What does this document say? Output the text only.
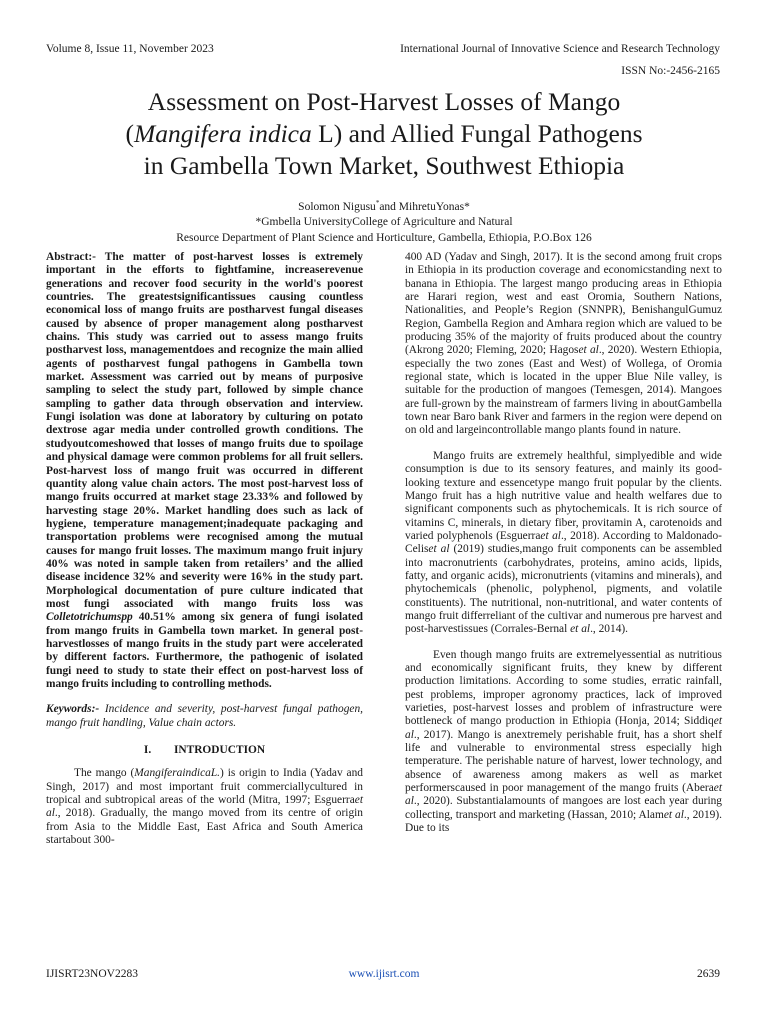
Volume 8, Issue 11, November 2023	International Journal of Innovative Science and Research Technology
ISSN No:-2456-2165
Assessment on Post-Harvest Losses of Mango
(Mangifera indica L) and Allied Fungal Pathogens
in Gambella Town Market, Southwest Ethiopia
Solomon Nigusu*and MihretuYonas*
*Gmbella UniversityCollege of Agriculture and Natural
Resource Department of Plant Science and Horticulture, Gambella, Ethiopia, P.O.Box 126

Abstract:- The matter of post-harvest losses is extremely important in the efforts to fightfamine, increaserevenue generations and recover food security in the world's poorest countries. The greatestsignificantissues causing countless economical loss of mango fruits are postharvest fungal diseases caused by absence of proper management along postharvest chains. This study was carried out to assess mango fruits postharvest loss, managementdoes and recognize the main allied agents of postharvest fungal pathogens in Gambella town market. Assessment was carried out by means of purposive sampling to select the study part, followed by simple chance sampling to gather data through observation and interview. Fungi isolation was done at laboratory by culturing on potato dextrose agar media under controlled growth conditions. The studyoutcomeshowed that losses of mango fruits due to spoilage and physical damage were common problems for all fruit sellers. Post-harvest loss of mango fruit was occurred in different quantity along value chain actors. The most post-harvest loss of mango fruits occurred at market stage 23.33% and followed by harvesting stage 20%. Market handling does such as lack of hygiene, temperature management;inadequate packaging and transportation problems were recognised among the mutual causes for mango fruit losses. The maximum mango fruit injury 40% was noted in sample taken from retailers’ and the allied disease incidence 32% and severity were 16% in the study part. Morphological documentation of pure culture indicated that most fungi associated with mango fruits loss was Colletotrichumspp 40.51% among six genera of fungi isolated from mango fruits in Gambella town market. In general post-harvestlosses of mango fruits in the study part were accelerated by different factors. Furthermore, the pathogenic of isolated fungi need to study to state their effect on post-harvest loss of mango fruits including to controlling methods.

Keywords:- Incidence and severity, post-harvest fungal pathogen, mango fruit handling, Value chain actors.

I. INTRODUCTION

The mango (MangiferaindicaL.) is origin to India (Yadav and Singh, 2017) and most important fruit commerciallycultured in tropical and subtropical areas of the world (Mitra, 1997; Esguerraet al., 2018). Gradually, the mango moved from its centre of origin from Asia to the Middle East, East Africa and South America startabout 300-

400 AD (Yadav and Singh, 2017). It is the second among fruit crops in Ethiopia in its production coverage and economicstanding next to banana in Ethiopia. The largest mango producing areas in Ethiopia are Harari region, west and east Oromia, Southern Nations, Nationalities, and People’s Region (SNNPR), BenishangulGumuz Region, Gambella Region and Amhara region which are valued to be producing 35% of the majority of fruits produced about the country (Akrong 2020; Fleming, 2020; Hagoset al., 2020). Western Ethiopia, especially the two zones (East and West) of Wollega, of Oromia regional state, which is located in the upper Blue Nile valley, is suitable for the production of mangoes (Temesgen, 2014). Mangoes are full-grown by the mainstream of farmers living in aboutGambella town near Baro bank River and farmers in the region were depend on on old and largeincontrollable mango plants found in nature.

Mango fruits are extremely healthful, simplyedible and wide consumption is due to its sensory features, and mainly its good-looking texture and essencetype mango fruit popular by the clients. Mango fruit has a high nutritive value and health welfares due to significant components such as phytochemicals. It is rich source of vitamins C, minerals, in dietary fiber, provitamin A, carotenoids and varied polyphenols (Esguerraet al., 2018). According to Maldonado-Celiset al (2019) studies,mango fruit components can be assembled into macronutrients (carbohydrates, proteins, amino acids, lipids, fatty, and organic acids), micronutrients (vitamins and minerals), and phytochemicals (phenolic, polyphenol, pigments, and volatile constituents). The nutritional, non-nutritional, and water contents of mango fruit differreliant of the cultivar and numerous pre harvest and post-harvestissues (Corrales-Bernal et al., 2014).

Even though mango fruits are extremelyessential as nutritious and economically significant fruits, they knew by different production limitations. According to some studies, erratic rainfall, pest problems, improper agronomy practices, lack of improved varieties, post-harvest losses and problem of infrastructure were bottleneck of mango production in Ethiopia (Honja, 2014; Siddiqet al., 2017). Mango is anextremely perishable fruit, has a short shelf life and vulnerable to environmental stress especially high temperature. The perishable nature of harvest, lower technology, and absence of awareness among makers as well as market performerscaused in poor management of the mango fruits (Aberaet al., 2020). Substantialamounts of mangoes are lost each year during collecting, transport and marketing (Hassan, 2010; Alamet al., 2019). Due to its

IJISRT23NOV2283	www.ijisrt.com	2639
